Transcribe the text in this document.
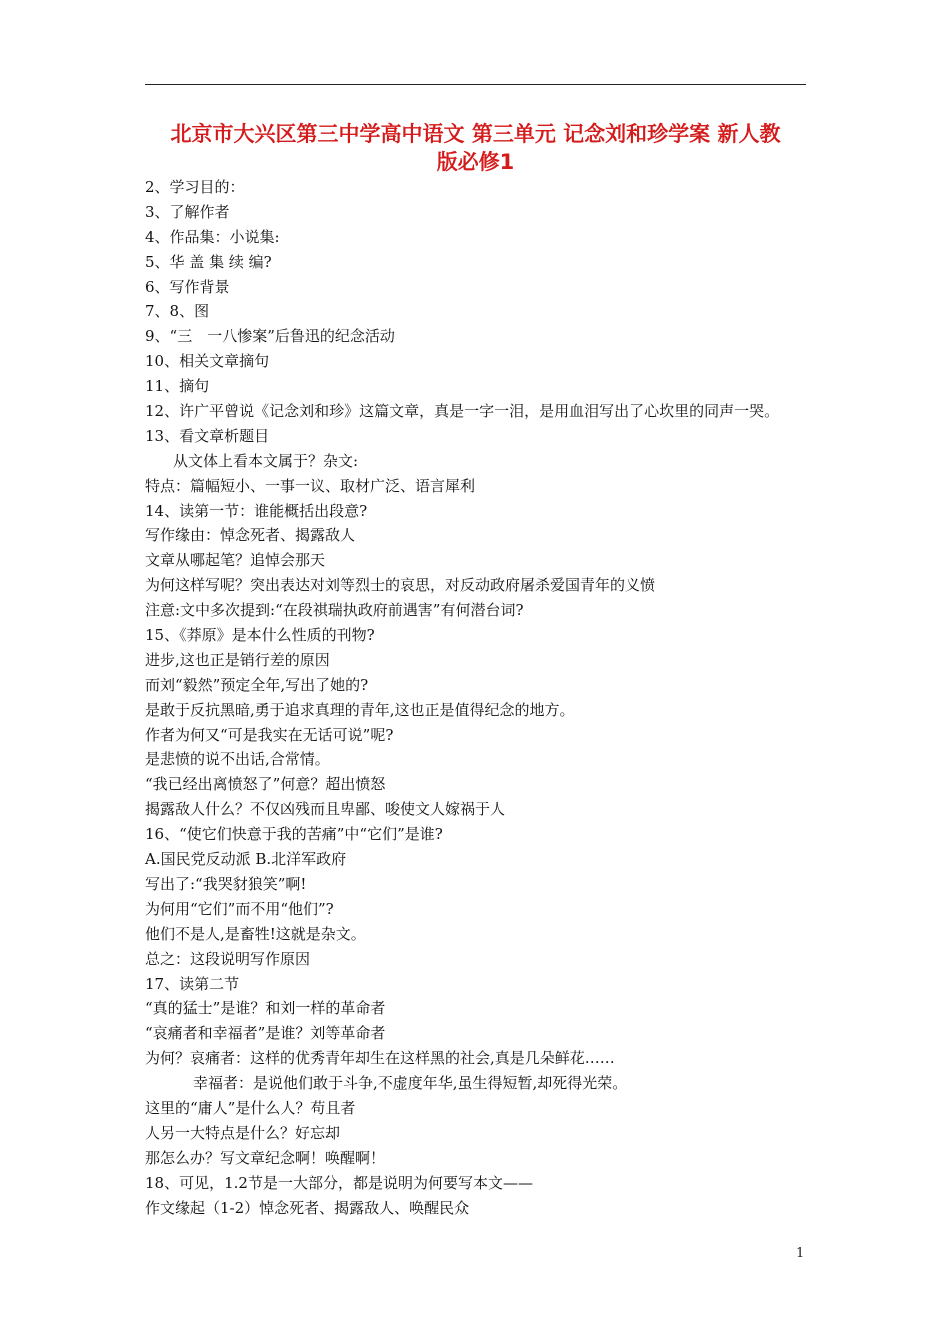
北京市大兴区第三中学高中语文 第三单元 记念刘和珍学案 新人教
版必修1

2、学习目的：

3、了解作者

4、作品集：小说集:

5、华 盖 集 续 编?

6、写作背景

7、8、图

9、“三　一八惨案”后鲁迅的纪念活动

10、相关文章摘句

11、摘句

12、许广平曾说《记念刘和珍》这篇文章，真是一字一泪，是用血泪写出了心坎里的同声一哭。

13、看文章析题目

从文体上看本文属于？杂文:

特点：篇幅短小、一事一议、取材广泛、语言犀利

14、读第一节：谁能概括出段意?

写作缘由：悼念死者、揭露敌人

文章从哪起笔？追悼会那天

为何这样写呢？突出表达对刘等烈士的哀思，对反动政府屠杀爱国青年的义愤

注意:文中多次提到:“在段祺瑞执政府前遇害”有何潜台词?

15、《莽原》是本什么性质的刊物?

进步,这也正是销行差的原因

而刘“毅然”预定全年,写出了她的?

是敢于反抗黑暗,勇于追求真理的青年,这也正是值得纪念的地方。

作者为何又“可是我实在无话可说”呢?

是悲愤的说不出话,合常情。

“我已经出离愤怒了”何意？超出愤怒

揭露敌人什么？不仅凶残而且卑鄙、唆使文人嫁祸于人

16、“使它们快意于我的苦痛”中“它们”是谁?

A.国民党反动派 B.北洋军政府

写出了:“我哭豺狼笑”啊!

为何用“它们”而不用“他们”?

他们不是人,是畜牲!这就是杂文。

总之：这段说明写作原因

17、读第二节

“真的猛士”是谁？和刘一样的革命者

“哀痛者和幸福者”是谁？刘等革命者

为何？哀痛者：这样的优秀青年却生在这样黑的社会,真是几朵鲜花……

幸福者：是说他们敢于斗争,不虚度年华,虽生得短暂,却死得光荣。

这里的“庸人”是什么人？苟且者

人另一大特点是什么？好忘却

那怎么办？写文章纪念啊！唤醒啊！

18、可见，1.2节是一大部分，都是说明为何要写本文——

作文缘起（1-2）悼念死者、揭露敌人、唤醒民众

1
